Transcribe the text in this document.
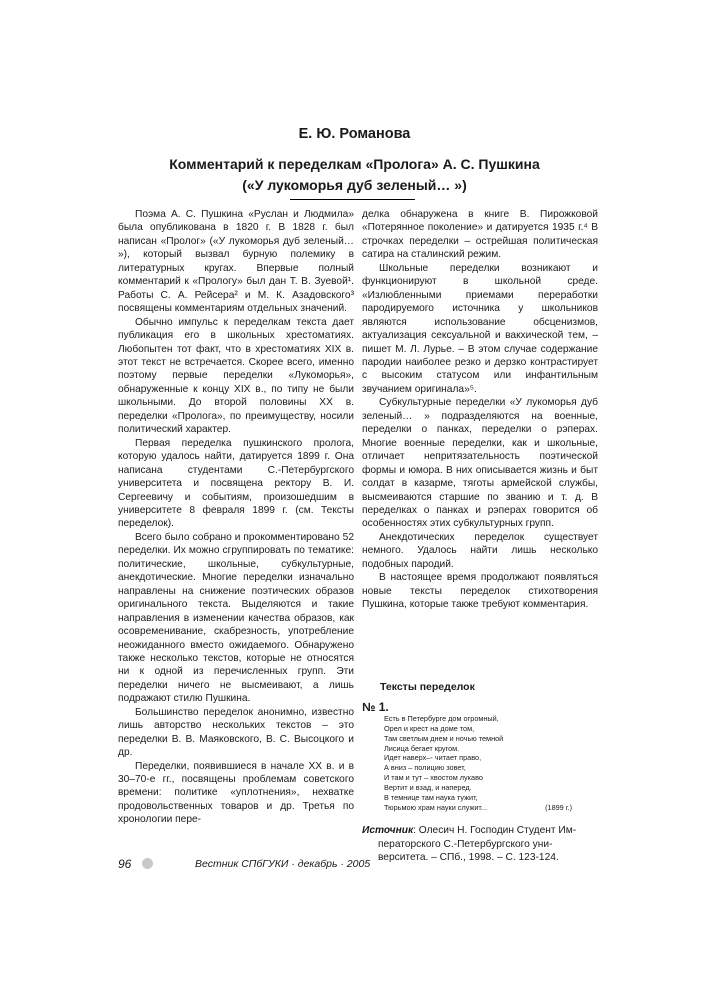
Е. Ю. Романова
Комментарий к переделкам «Пролога» А. С. Пушкина
(«У лукоморья дуб зеленый… »)

Поэма А. С. Пушкина «Руслан и Людмила» была опубликована в 1820 г. В 1828 г. был написан «Пролог» («У лукоморья дуб зеленый… »), который вызвал бурную полемику в литературных кругах. Впервые полный комментарий к «Прологу» был дан Т. В. Зуевой¹. Работы С. А. Рейсера² и М. К. Азадовского³ посвящены комментариям отдельных значений.

Обычно импульс к переделкам текста дает публикация его в школьных хрестоматиях. Любопытен тот факт, что в хрестоматиях XIX в. этот текст не встречается. Скорее всего, именно поэтому первые переделки «Лукоморья», обнаруженные к концу XIX в., по типу не были школьными. До второй половины XX в. переделки «Пролога», по преимуществу, носили политический характер.

Первая переделка пушкинского пролога, которую удалось найти, датируется 1899 г. Она написана студентами С.-Петербургского университета и посвящена ректору В. И. Сергеевичу и событиям, произошедшим в университете 8 февраля 1899 г. (см. Тексты переделок).

Всего было собрано и прокомментировано 52 переделки. Их можно сгруппировать по тематике: политические, школьные, субкультурные, анекдотические. Многие переделки изначально направлены на снижение поэтических образов оригинального текста. Выделяются и такие направления в изменении качества образов, как осовременивание, скабрезность, употребление неожиданного вместо ожидаемого. Обнаружено также несколько текстов, которые не относятся ни к одной из перечисленных групп. Эти переделки ничего не высмеивают, а лишь подражают стилю Пушкина.

Большинство переделок анонимно, известно лишь авторство нескольких текстов – это переделки В. В. Маяковского, В. С. Высоцкого и др.

Переделки, появившиеся в начале XX в. и в 30–70-е гг., посвящены проблемам советского времени: политике «уплотнения», нехватке продовольственных товаров и др. Третья по хронологии пере-

делка обнаружена в книге В. Пирожковой «Потерянное поколение» и датируется 1935 г.⁴ В строчках переделки – острейшая политическая сатира на сталинский режим.

Школьные переделки возникают и функционируют в школьной среде. «Излюбленными приемами переработки пародируемого источника у школьников являются использование обсценизмов, актуализация сексуальной и вакхической тем, – пишет М. Л. Лурье. – В этом случае содержание пародии наиболее резко и дерзко контрастирует с высоким статусом или инфантильным звучанием оригинала»⁵.

Субкультурные переделки «У лукоморья дуб зеленый… » подразделяются на военные, переделки о панках, переделки о рэперах. Многие военные переделки, как и школьные, отличает непритязательность поэтической формы и юмора. В них описывается жизнь и быт солдат в казарме, тяготы армейской службы, высмеиваются старшие по званию и т. д. В переделках о панках и рэперах говорится об особенностях этих субкультурных групп.

Анекдотических переделок существует немного. Удалось найти лишь несколько подобных пародий.

В настоящее время продолжают появляться новые тексты переделок стихотворения Пушкина, которые также требуют комментария.

Тексты переделок
№ 1.
Есть в Петербурге дом огромный,
Орел и крест на доме том,
Там светлым днем и ночью темной
Лисица бегает кругом.
Идет наверх–- читает право,
А вниз – полицию зовет,
И там и тут – хвостом лукаво
Вертит и взад, и наперед.
В темнице там наука тужит,
Тюрьмою храм науки служит...	(1899 г.)
Источник: Олесич Н. Господин Студент Им-
ператорского С.-Петербургского уни-
верситета. – СПб., 1998. – С. 123-124.
96	Вестник СПбГУКИ · декабрь · 2005
